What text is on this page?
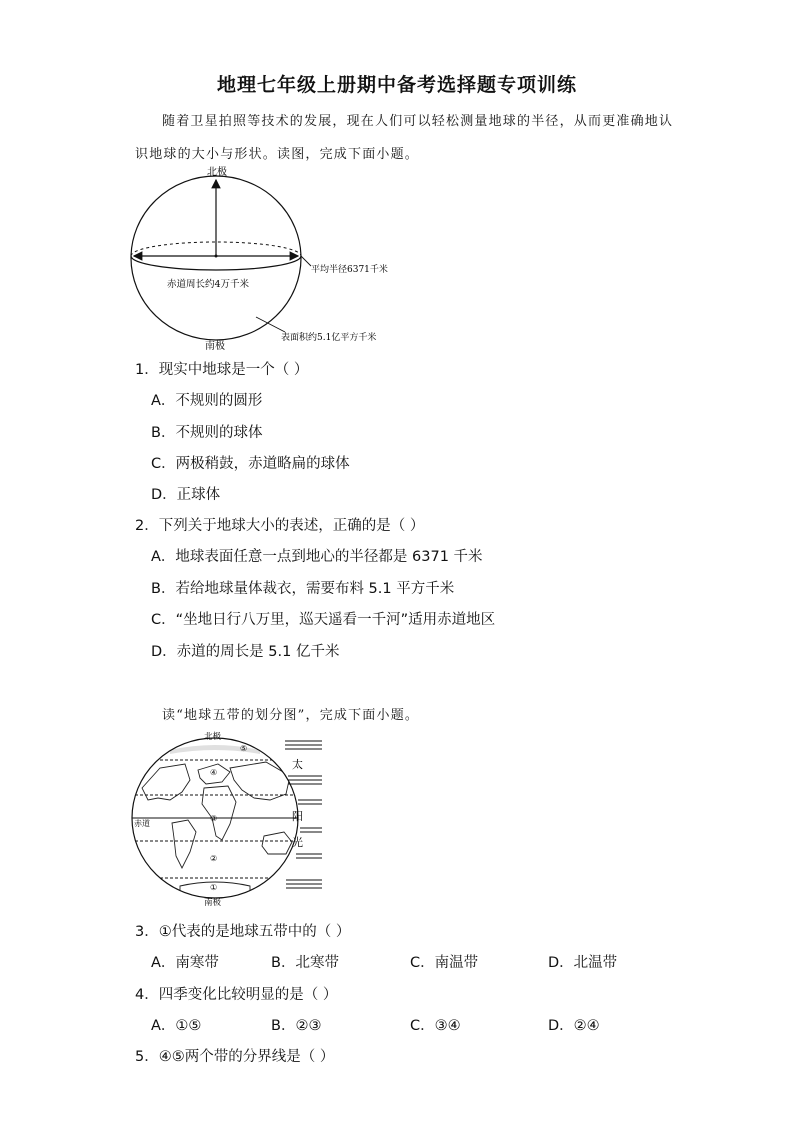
地理七年级上册期中备考选择题专项训练
随着卫星拍照等技术的发展，现在人们可以轻松测量地球的半径，从而更准确地认
识地球的大小与形状。读图，完成下面小题。
北极
南极
赤道周长约4万千米
平均半径6371千米
表面积约5.1亿平方千米
1．现实中地球是一个（ ）
A．不规则的圆形
B．不规则的球体
C．两极稍鼓，赤道略扁的球体
D．正球体
2．下列关于地球大小的表述，正确的是（ ）
A．地球表面任意一点到地心的半径都是 6371 千米
B．若给地球量体裁衣，需要布料 5.1 平方千米
C．“坐地日行八万里，巡天遥看一千河”适用赤道地区
D．赤道的周长是 5.1 亿千米
读“地球五带的划分图”，完成下面小题。
太
阳
光
北极
南极
赤道
④
⑤
③
②
①
3．①代表的是地球五带中的（ ）
A．南寒带	B．北寒带	C．南温带	D．北温带
4．四季变化比较明显的是（ ）
A．①⑤	B．②③	C．③④	D．②④
5．④⑤两个带的分界线是（ ）
